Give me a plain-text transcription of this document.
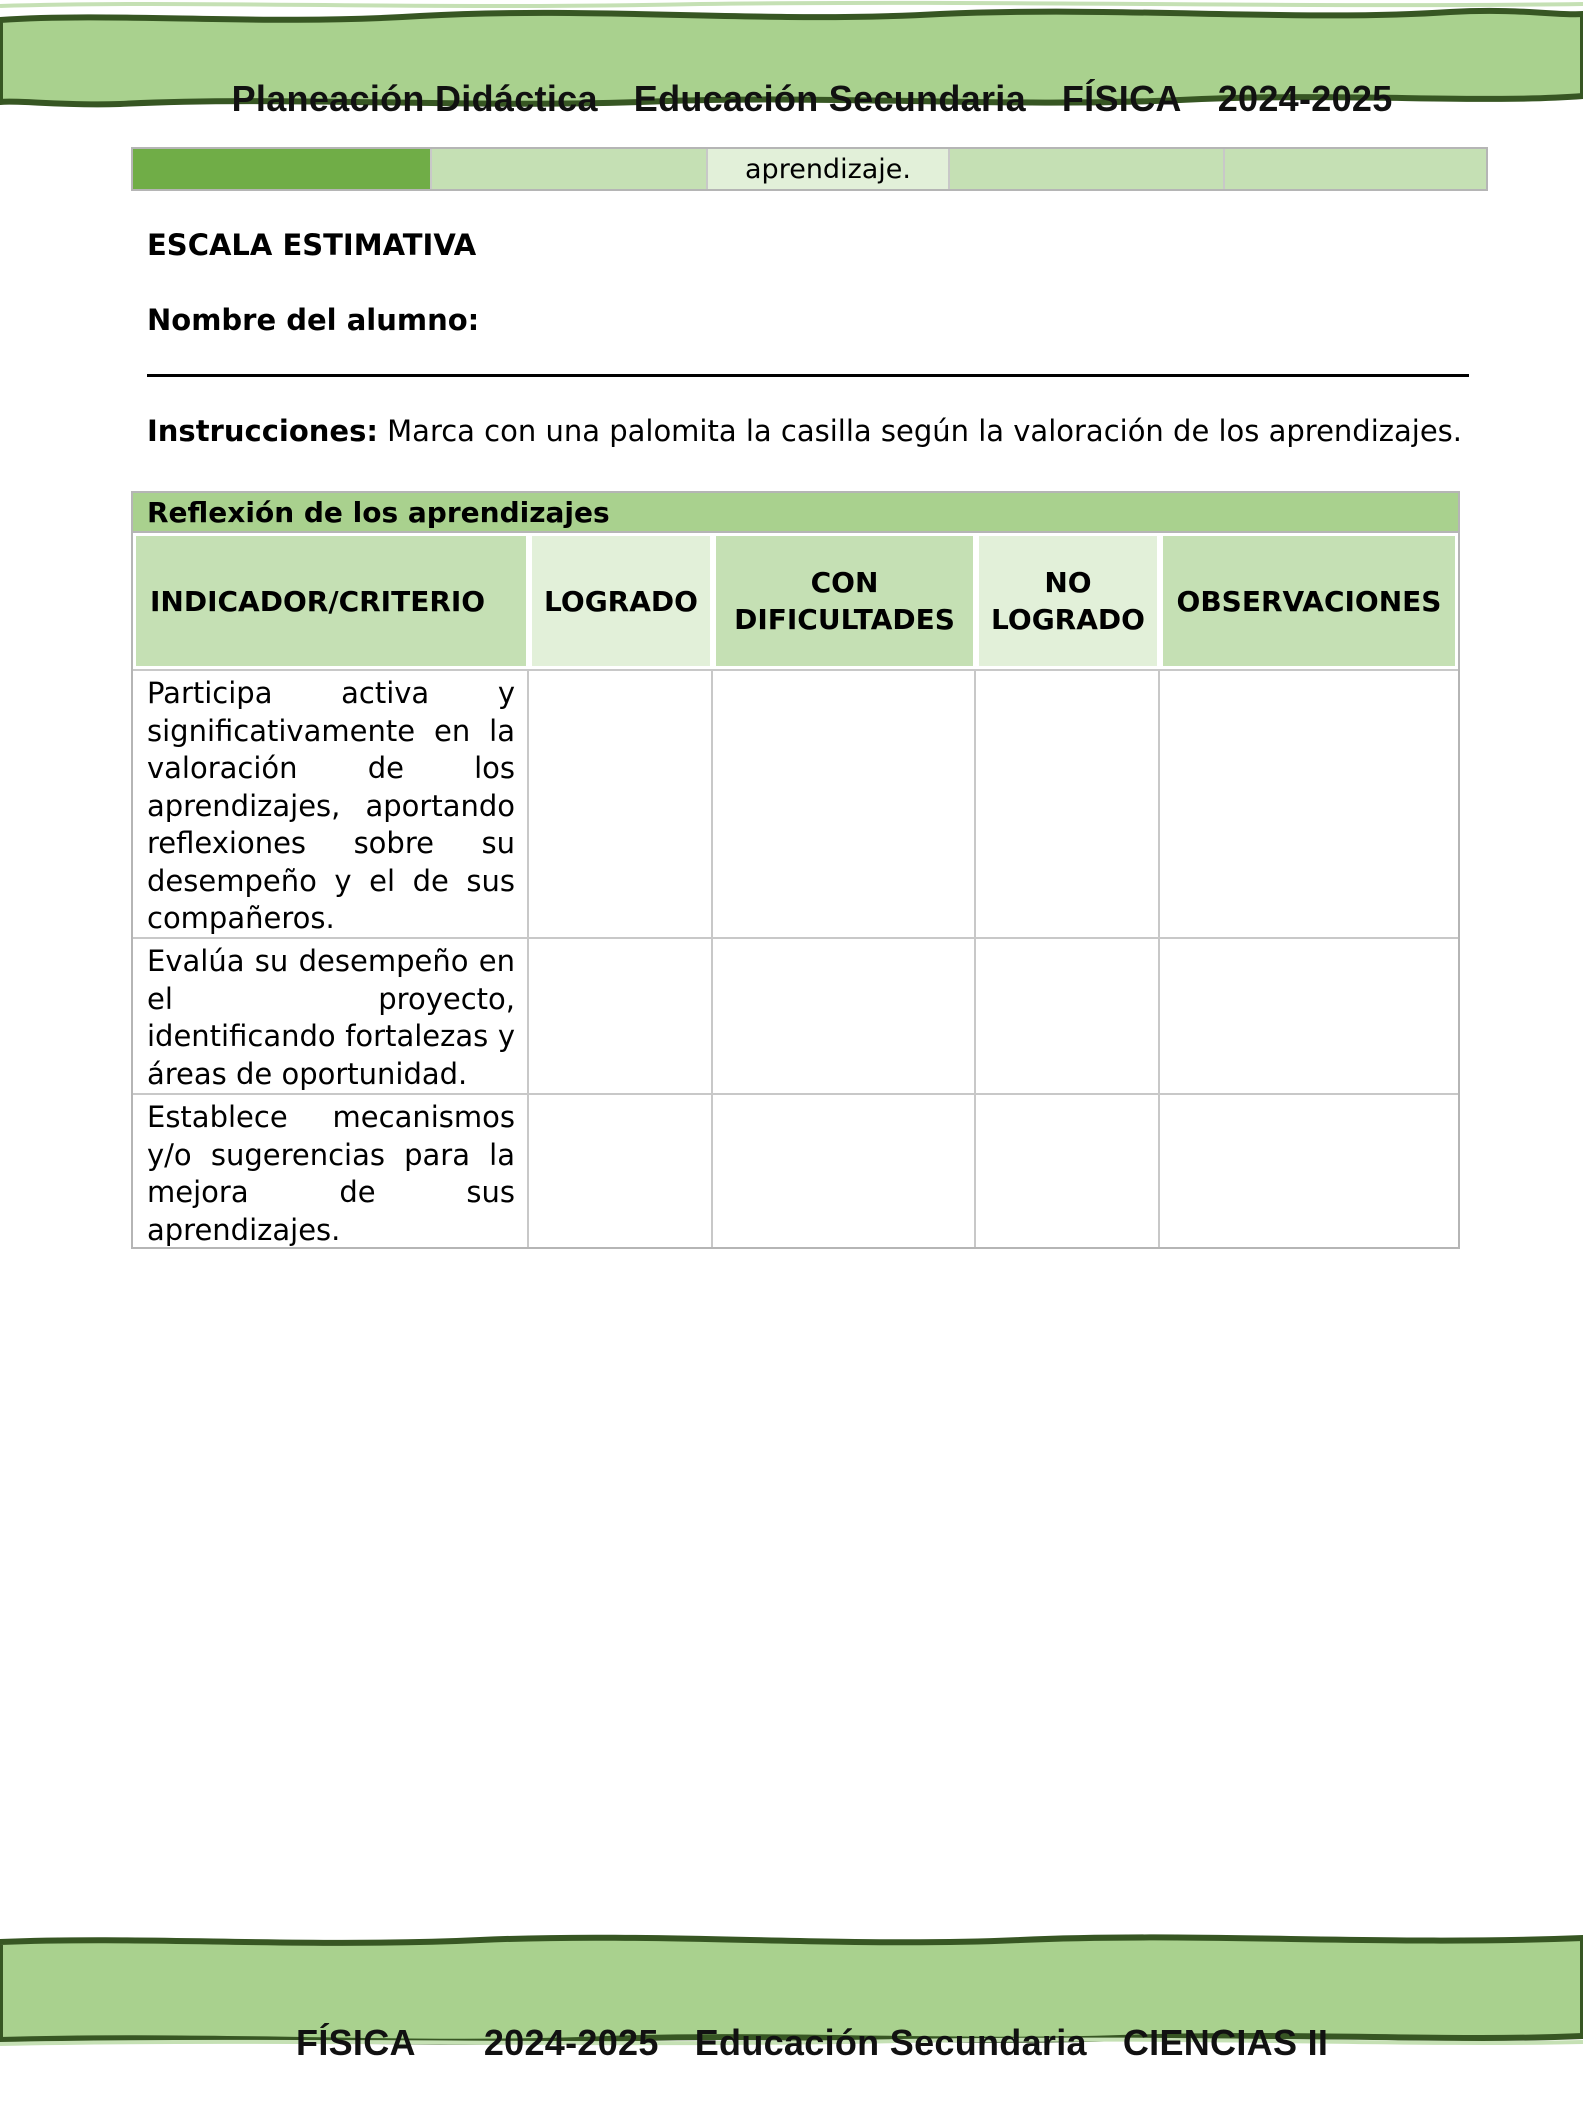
Planeación Didáctica Educación Secundaria FÍSICA 2024-2025

aprendizaje.
ESCALA ESTIMATIVA
Nombre del alumno:
Instrucciones: Marca con una palomita la casilla según la valoración de los aprendizajes.
Reflexión de los aprendizajes
INDICADOR/CRITERIO	LOGRADO
CON DIFICULTADES
NO LOGRADO
OBSERVACIONES
Participa activa y significativamente en la valoración de los aprendizajes, aportando reflexiones sobre su desempeño y el de sus compañeros.
Evalúa su desempeño en el proyecto, identificando fortalezas y áreas de oportunidad.
Establece mecanismos y/o sugerencias para la mejora de sus aprendizajes.

FÍSICA 2024-2025 Educación Secundaria CIENCIAS II
